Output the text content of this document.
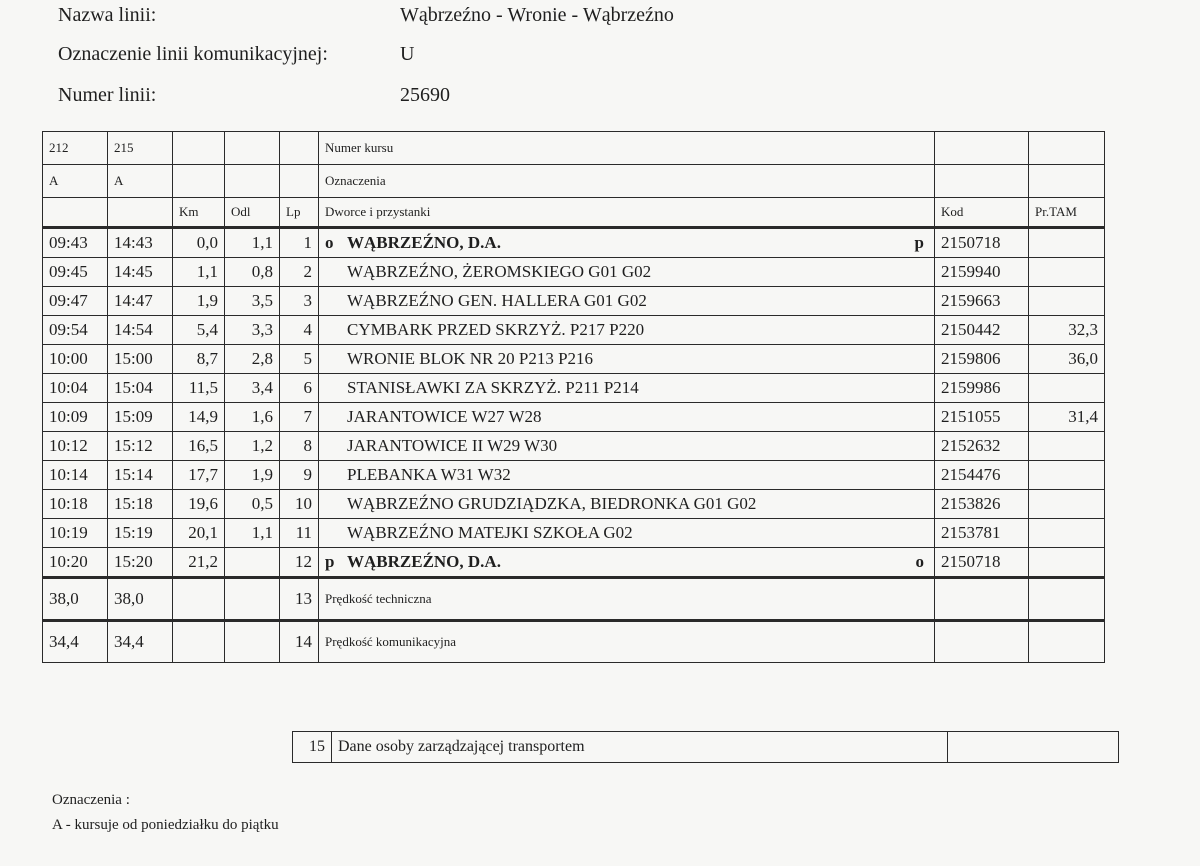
Nazwa linii:	Wąbrzeźno - Wronie - Wąbrzeźno
Oznaczenie linii komunikacyjnej:	U
Numer linii:	25690
212	215				Numer kursu		
A	A				Oznaczenia		
		Km	Odl	Lp	Dworce i przystanki	Kod	Pr.TAM
09:43	14:43	0,0	1,1	1	o WĄBRZEŹNO, D.A. p	2150718	
09:45	14:45	1,1	0,8	2	WĄBRZEŹNO, ŻEROMSKIEGO G01 G02	2159940	
09:47	14:47	1,9	3,5	3	WĄBRZEŹNO GEN. HALLERA G01 G02	2159663	
09:54	14:54	5,4	3,3	4	CYMBARK PRZED SKRZYŻ. P217 P220	2150442	32,3
10:00	15:00	8,7	2,8	5	WRONIE BLOK NR 20 P213 P216	2159806	36,0
10:04	15:04	11,5	3,4	6	STANISŁAWKI ZA SKRZYŻ. P211 P214	2159986	
10:09	15:09	14,9	1,6	7	JARANTOWICE W27 W28	2151055	31,4
10:12	15:12	16,5	1,2	8	JARANTOWICE II W29 W30	2152632	
10:14	15:14	17,7	1,9	9	PLEBANKA W31 W32	2154476	
10:18	15:18	19,6	0,5	10	WĄBRZEŹNO GRUDZIĄDZKA, BIEDRONKA G01 G02	2153826	
10:19	15:19	20,1	1,1	11	WĄBRZEŹNO MATEJKI SZKOŁA G02	2153781	
10:20	15:20	21,2		12	p WĄBRZEŹNO, D.A. o	2150718	
38,0	38,0			13	Prędkość techniczna		
34,4	34,4			14	Prędkość komunikacyjna		
15	Dane osoby zarządzającej transportem	
Oznaczenia :
A - kursuje od poniedziałku do piątku
